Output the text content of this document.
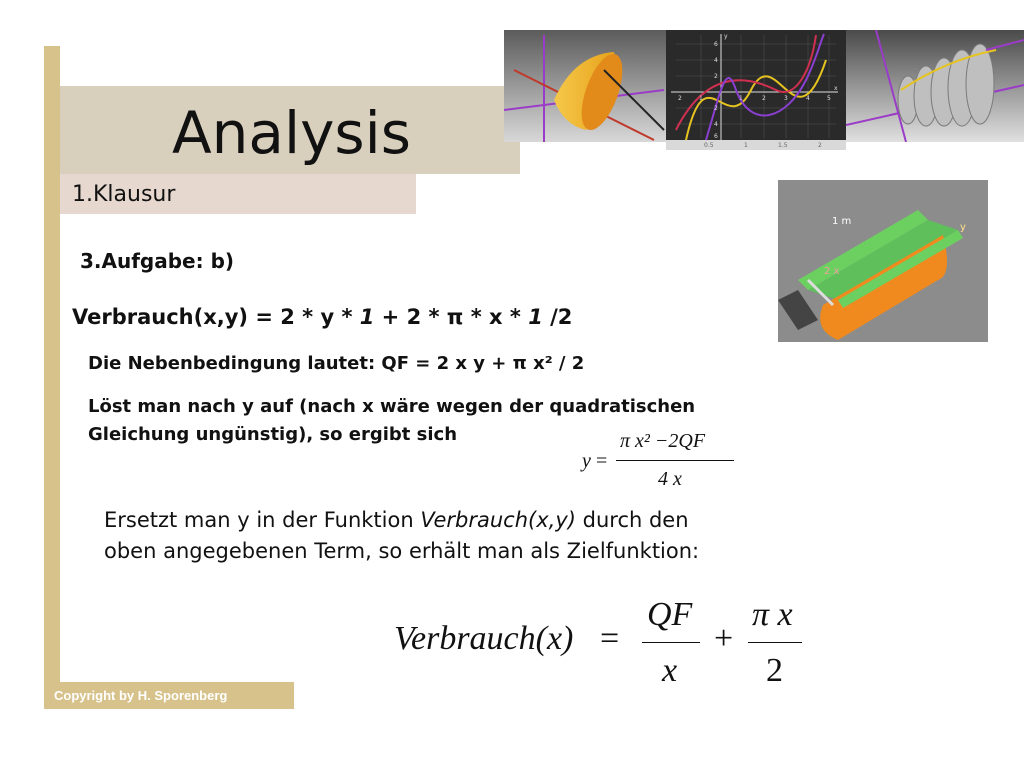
Analysis
1.Klausur
y
x
6
4
2
2
4
6
2	1	1	2	3	4	5
0.5	1	1.5	2
1 m
2 x
y
3.Aufgabe: b)
Verbrauch(x,y) = 2 * y * 1 + 2 * π * x * 1 /2
Die Nebenbedingung lautet: QF = 2 x y + π x² / 2
Löst man nach y auf (nach x wäre wegen der quadratischen
Gleichung ungünstig), so ergibt sich
y =
π x² −2QF
4 x
Ersetzt man y in der Funktion Verbrauch(x,y) durch den
oben angegebenen Term, so erhält man als Zielfunktion:
Verbrauch(x) =
QF
x
+
π x
2
Copyright by H. Sporenberg
